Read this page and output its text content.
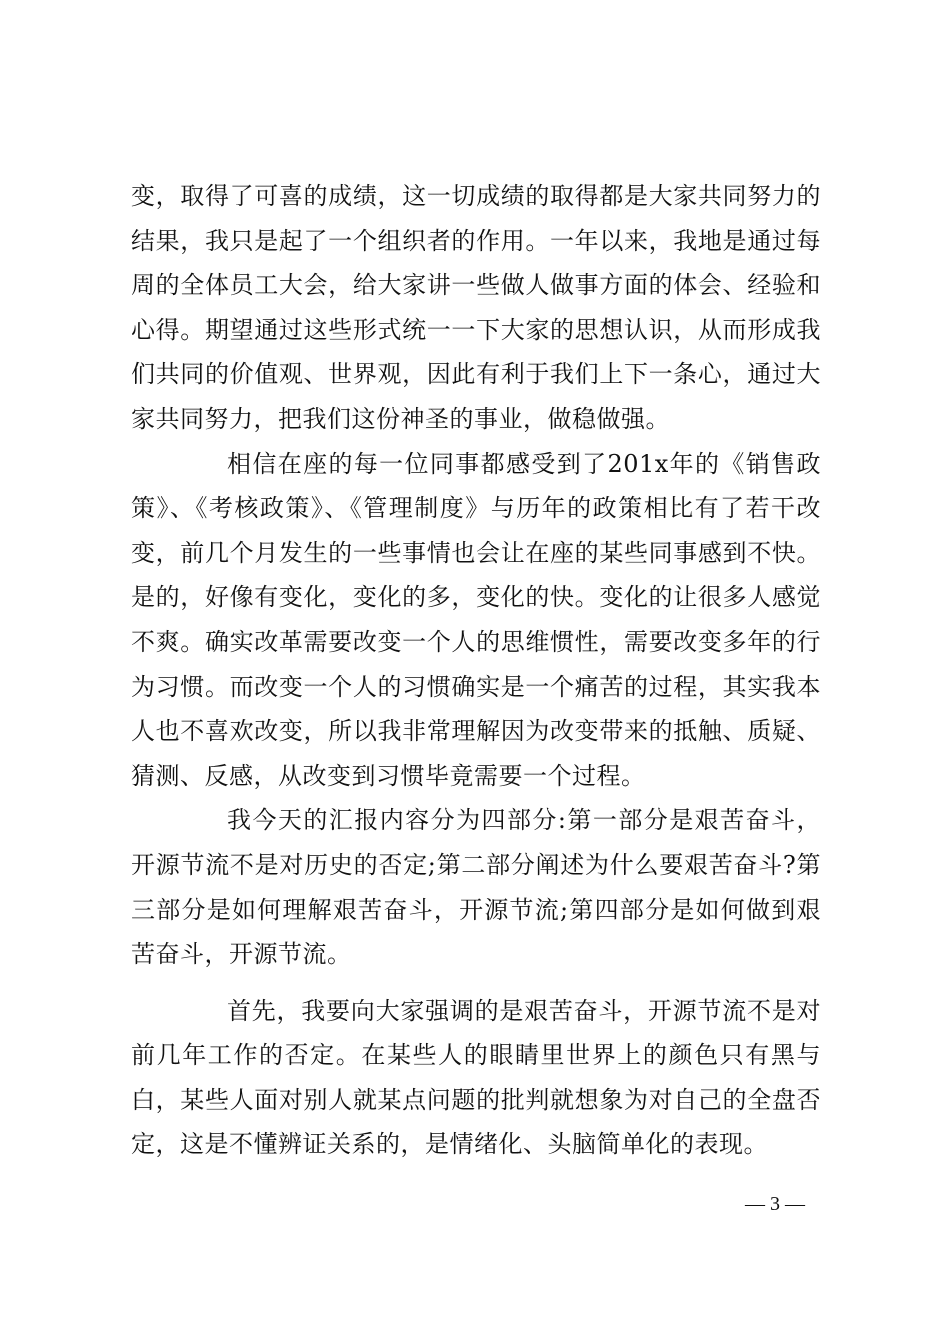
变，取得了可喜的成绩，这一切成绩的取得都是大家共同努力的结果，我只是起了一个组织者的作用。一年以来，我地是通过每周的全体员工大会，给大家讲一些做人做事方面的体会、经验和心得。期望通过这些形式统一一下大家的思想认识，从而形成我们共同的价值观、世界观，因此有利于我们上下一条心，通过大家共同努力，把我们这份神圣的事业，做稳做强。

相信在座的每一位同事都感受到了201x年的《销售政策》、《考核政策》、《管理制度》与历年的政策相比有了若干改变，前几个月发生的一些事情也会让在座的某些同事感到不快。是的，好像有变化，变化的多，变化的快。变化的让很多人感觉不爽。确实改革需要改变一个人的思维惯性，需要改变多年的行为习惯。而改变一个人的习惯确实是一个痛苦的过程，其实我本人也不喜欢改变，所以我非常理解因为改变带来的抵触、质疑、猜测、反感，从改变到习惯毕竟需要一个过程。

我今天的汇报内容分为四部分:第一部分是艰苦奋斗，开源节流不是对历史的否定;第二部分阐述为什么要艰苦奋斗?第三部分是如何理解艰苦奋斗，开源节流;第四部分是如何做到艰苦奋斗，开源节流。

首先，我要向大家强调的是艰苦奋斗，开源节流不是对前几年工作的否定。在某些人的眼睛里世界上的颜色只有黑与白，某些人面对别人就某点问题的批判就想象为对自己的全盘否定，这是不懂辨证关系的，是情绪化、头脑简单化的表现。

— 3 —
